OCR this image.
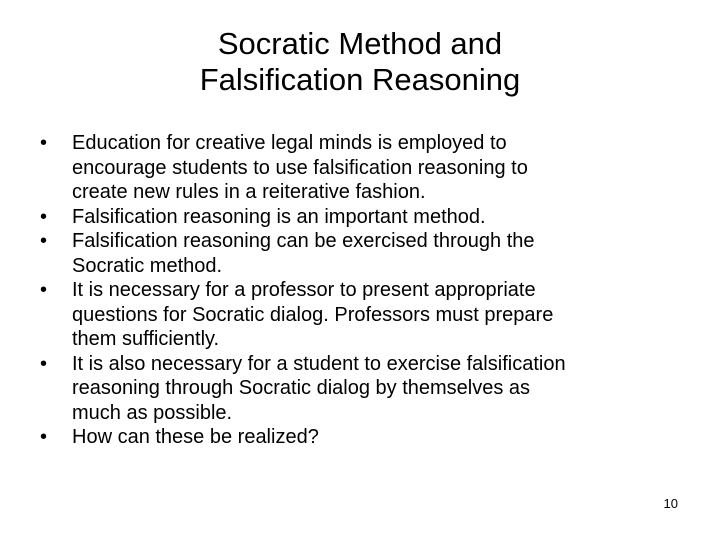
Socratic Method and
Falsification Reasoning
•	Education for creative legal minds is employed to
encourage students to use falsification reasoning to
create new rules in a reiterative fashion.
•	Falsification reasoning is an important method.
•	Falsification reasoning can be exercised through the
Socratic method.
•	It is necessary for a professor to present appropriate
questions for Socratic dialog. Professors must prepare
them sufficiently.
•	It is also necessary for a student to exercise falsification
reasoning through Socratic dialog by themselves as
much as possible.
•	How can these be realized?
10
